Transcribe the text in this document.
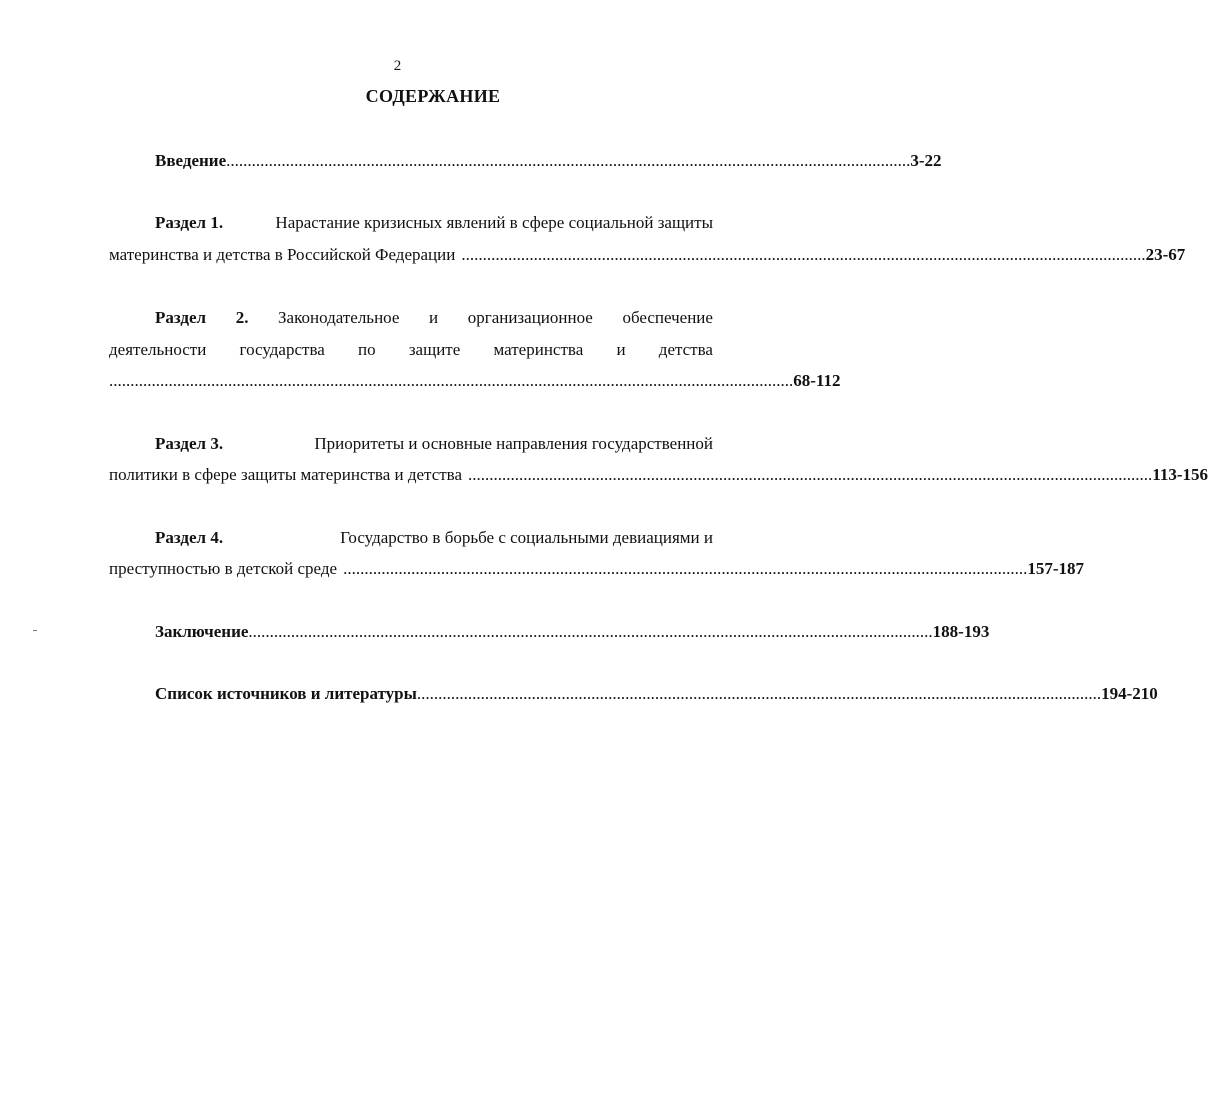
2
СОДЕРЖАНИЕ
Введение ................................................................................................................................................................. 3-22
Раздел 1.	Нарастание кризисных явлений в сфере социальной защиты
материнства и детства в Российской Федерации ................................................................................................................................................................. 23-67
Раздел 2. Законодательное и организационное обеспечение
деятельности государства по защите материнства и детства
................................................................................................................................................................. 68-112
Раздел 3.	Приоритеты и основные направления государственной
политики в сфере защиты материнства и детства ................................................................................................................................................................. 113-156
Раздел 4.	Государство в борьбе с социальными девиациями и
преступностью в детской среде ................................................................................................................................................................. 157-187
Заключение ................................................................................................................................................................. 188-193
Список источников и литературы ................................................................................................................................................................. 194-210
